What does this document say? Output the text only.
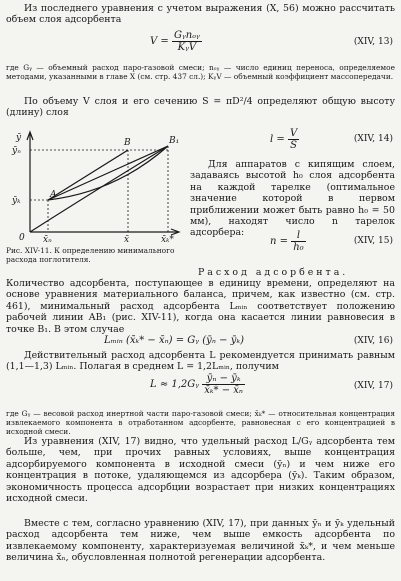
Из последнего уравнения с учетом выражения (X, 56) можно рассчитать объем слоя адсорбента

$V = \frac{\text{Gᵧnₒᵧ}}{\text{KᵧV}}$	(XIV, 13)

где Gᵧ — объемный расход паро-газовой смеси; nₒᵧ — число единиц переноса, определяемое методами, указанными в главе X (см. стр. 437 сл.); KᵧV — объемный коэффициент массопередачи.

По объему V слоя и его сечению S = πD²/4 определяют общую высоту (длину) слоя

ӯ
ӯₙ
ӯₖ
0 x̄ₙ	x̄	x̄ₖ*
A
B	B₁
Рис. XIV-11. К определению минимального расхода поглотителя.
$l = \frac{V}{S}$	(XIV, 14)

Для аппаратов с кипящим слоем, задаваясь высотой h₀ слоя адсорбента на каждой тарелке (оптимальное значение которой в первом приближении может быть равно h₀ = 50 мм), находят число n тарелок адсорбера:

$n = \frac{l}{\text{h₀}}$	(XIV, 15)

Расход адсорбента.

Количество адсорбента, поступающее в единицу времени, определяют на основе уравнения материального баланса, причем, как известно (см. стр. 461), минимальный расход адсорбента Lₘᵢₙ соответствует положению рабочей линии AB₁ (рис. XIV-11), когда она касается линии равновесия в точке B₁. В этом случае

Lₘᵢₙ (x̄ₖ* − x̄ₙ) = Gᵧ (ӯₙ − ӯₖ)	(XIV, 16)

Действительный расход адсорбента L рекомендуется принимать равным (1,1—1,3) Lₘᵢₙ. Полагая в среднем L = 1,2Lₘᵢₙ, получим

L ≈ 1,2Gᵧ $\frac{\text{ӯₙ − ӯₖ}}{\text{x̄ₖ* − x̄ₙ}}$	(XIV, 17)

где Gᵧ — весовой расход инертной части паро-газовой смеси; x̄ₖ* — относительная концентрация извлекаемого компонента в отработанном адсорбенте, равновесная с его концентрацией в исходной смеси.

Из уравнения (XIV, 17) видно, что удельный расход L/Gᵧ адсорбента тем больше, чем, при прочих равных условиях, выше концентрация адсорбируемого компонента в исходной смеси (ӯₙ) и чем ниже его концентрация в потоке, удаляющемся из адсорбера (ӯₖ). Таким образом, экономичность процесса адсорбции возрастает при низких концентрациях исходной смеси.

Вместе с тем, согласно уравнению (XIV, 17), при данных ӯₙ и ӯₖ удельный расход адсорбента тем ниже, чем выше емкость адсорбента по извлекаемому компоненту, характеризуемая величиной x̄ₖ*, и чем меньше величина x̄ₙ, обусловленная полнотой регенерации адсорбента.
